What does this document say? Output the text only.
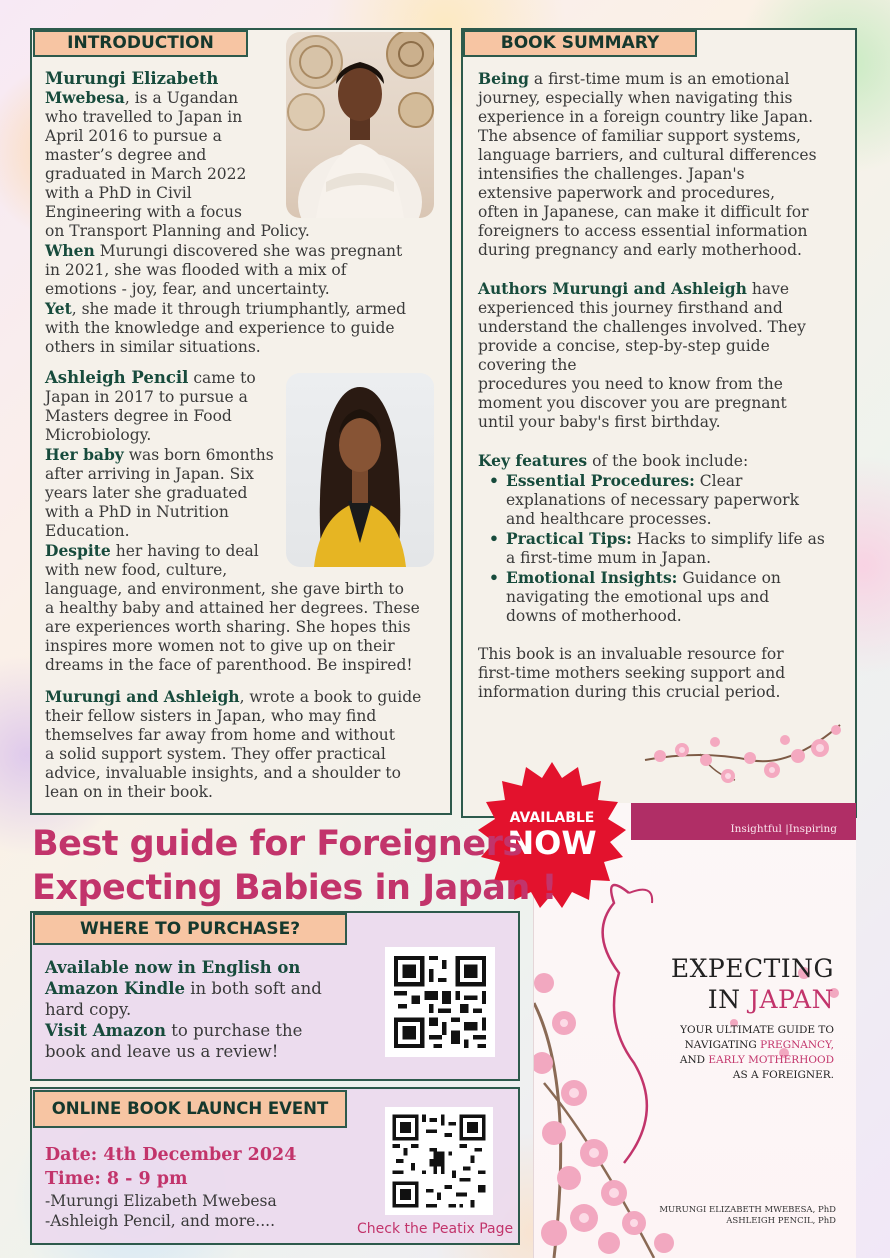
INTRODUCTION
Murungi Elizabeth
Mwebesa, is a Ugandan
who travelled to Japan in
April 2016 to pursue a
master’s degree and
graduated in March 2022
with a PhD in Civil
Engineering with a focus
on Transport Planning and Policy.
When Murungi discovered she was pregnant
in 2021, she was flooded with a mix of
emotions - joy, fear, and uncertainty.
Yet, she made it through triumphantly, armed
with the knowledge and experience to guide
others in similar situations.
Ashleigh Pencil came to
Japan in 2017 to pursue a
Masters degree in Food
Microbiology.
Her baby was born 6months
after arriving in Japan. Six
years later she graduated
with a PhD in Nutrition
Education.
Despite her having to deal
with new food, culture,
language, and environment, she gave birth to
a healthy baby and attained her degrees. These
are experiences worth sharing. She hopes this
inspires more women not to give up on their
dreams in the face of parenthood. Be inspired!
Murungi and Ashleigh, wrote a book to guide
their fellow sisters in Japan, who may find
themselves far away from home and without
a solid support system. They offer practical
advice, invaluable insights, and a shoulder to
lean on in their book.
BOOK SUMMARY
Being a first-time mum is an emotional
journey, especially when navigating this
experience in a foreign country like Japan.
The absence of familiar support systems,
language barriers, and cultural differences
intensifies the challenges. Japan's
extensive paperwork and procedures,
often in Japanese, can make it difficult for
foreigners to access essential information
during pregnancy and early motherhood.
Authors Murungi and Ashleigh have
experienced this journey firsthand and
understand the challenges involved. They
provide a concise, step-by-step guide
covering the
procedures you need to know from the
moment you discover you are pregnant
until your baby's first birthday.
Key features of the book include:
• Essential Procedures: Clear
explanations of necessary paperwork
and healthcare processes.
• Practical Tips: Hacks to simplify life as
a first-time mum in Japan.
• Emotional Insights: Guidance on
navigating the emotional ups and
downs of motherhood.
This book is an invaluable resource for
first-time mothers seeking support and
information during this crucial period.
Insightful |Inspiring
EXPECTING
IN JAPAN
YOUR ULTIMATE GUIDE TO
NAVIGATING PREGNANCY,
AND EARLY MOTHERHOOD
AS A FOREIGNER.
MURUNGI ELIZABETH MWEBESA, PhD
ASHLEIGH PENCIL, PhD
AVAILABLE
NOW
Best guide for Foreigners
Expecting Babies in Japan !
WHERE TO PURCHASE?
Available now in English on
Amazon Kindle in both soft and
hard copy.
Visit Amazon to purchase the
book and leave us a review!
ONLINE BOOK LAUNCH EVENT
Date: 4th December 2024
Time: 8 - 9 pm
-Murungi Elizabeth Mwebesa
-Ashleigh Pencil, and more....	Check the Peatix Page
